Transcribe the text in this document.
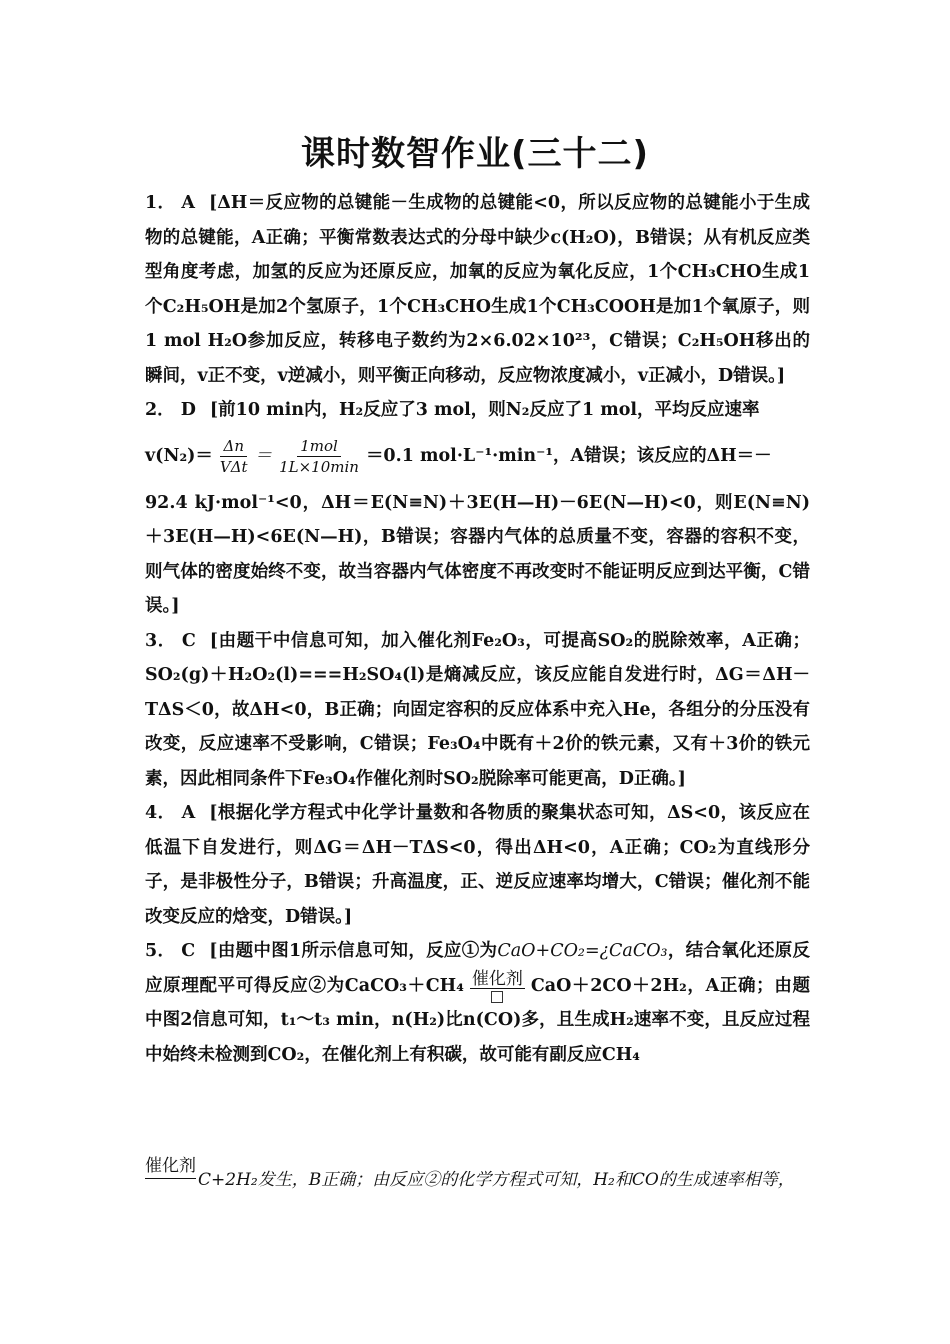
课时数智作业(三十二)

1． A [ΔH＝反应物的总键能－生成物的总键能<0，所以反应物的总键能小于生成物的总键能，A正确；平衡常数表达式的分母中缺少c(H₂O)，B错误；从有机反应类型角度考虑，加氢的反应为还原反应，加氧的反应为氧化反应，1个CH₃CHO生成1个C₂H₅OH是加2个氢原子，1个CH₃CHO生成1个CH₃COOH是加1个氧原子，则1 mol H₂O参加反应，转移电子数约为2×6.02×10²³，C错误；C₂H₅OH移出的瞬间，v正不变，v逆减小，则平衡正向移动，反应物浓度减小，v正减小，D错误。]

2． D [前10 min内，H₂反应了3 mol，则N₂反应了1 mol，平均反应速率
$v(N_2)= \frac{\Delta n}{\text{VΔt}} = \frac{\text{1mol}}{1L\times 10\min} =0.1$ mol·L⁻¹·min⁻¹，A错误；该反应的ΔH＝－
92.4 kJ·mol⁻¹<0，ΔH＝E(N≡N)＋3E(H—H)－6E(N—H)<0，则E(N≡N)＋3E(H—H)<6E(N—H)，B错误；容器内气体的总质量不变，容器的容积不变，则气体的密度始终不变，故当容器内气体密度不再改变时不能证明反应到达平衡，C错误。]

3． C [由题干中信息可知，加入催化剂Fe₂O₃，可提高SO₂的脱除效率，A正确；SO₂(g)＋H₂O₂(l)===H₂SO₄(l)是熵减反应，该反应能自发进行时，ΔG＝ΔH－TΔS＜0，故ΔH<0，B正确；向固定容积的反应体系中充入He，各组分的分压没有改变，反应速率不受影响，C错误；Fe₃O₄中既有＋2价的铁元素，又有＋3价的铁元素，因此相同条件下Fe₃O₄作催化剂时SO₂脱除率可能更高，D正确。]

4． A [根据化学方程式中化学计量数和各物质的聚集状态可知，ΔS<0，该反应在低温下自发进行，则ΔG＝ΔH－TΔS<0，得出ΔH<0，A正确；CO₂为直线形分子，是非极性分子，B错误；升高温度，正、逆反应速率均增大，C错误；催化剂不能改变反应的焓变，D错误。]

5． C [由题中图1所示信息可知，反应①为CaO+CO₂=¿CaCO₃，结合氧化还原反应原理配平可得反应②为CaCO₃＋CH₄ 催化剂 CaO＋2CO＋2H₂，A正确；由题中图2信息可知，t₁～t₃ min，n(H₂)比n(CO)多，且生成H₂速率不变，且反应过程中始终未检测到CO₂，在催化剂上有积碳，故可能有副反应CH₄

催化剂C+2H₂发生，B正确；由反应②的化学方程式可知，H₂和CO的生成速率相等，
